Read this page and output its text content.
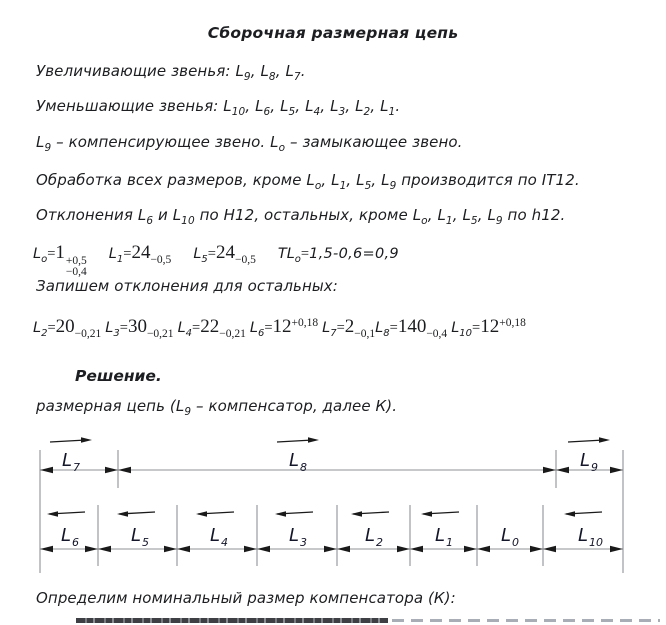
Сборочная размерная цепь
Увеличивающие звенья: $L_9$, $L_8$, $L_7$.
Уменьшающие звенья: $L_{10}$, $L_6$, $L_5$, $L_4$, $L_3$, $L_2$, $L_1$.
$L_9$ – компенсирующее звено. $L_o$ – замыкающее звено.
Обработка всех размеров, кроме $L_o$, $L_1$, $L_5$, $L_9$ производится по IT12.
Отклонения $L_6$ и $L_{10}$ по Н12, остальных, кроме $L_o$, $L_1$, $L_5$, $L_9$ по h12.
$L_o=1 +0,5$
−0,4
$L_1=24_{-0,5}$ $L_5=24_{-0,5}$ $TL_o=1,5-0,6=0,9$
Запишем отклонения для остальных:
$L_2=20_{-0,21}$ $L_3=30_{-0,21}$ $L_4=22_{-0,21}$ $L_6=12^{+0,18}$ $L_7=2_{-0,1}L_8=140_{-0,4}$ $L_{10}=12^{+0,18}$
Решение.
размерная цепь ($L_9$ – компенсатор, далее К).
$L_7$	$L_8$	$L_9$
$L_6$	$L_5$	$L_4$	$L_3$	$L_2$	$L_1$	$L_0$	$L_{10}$
Определим номинальный размер компенсатора (К):
